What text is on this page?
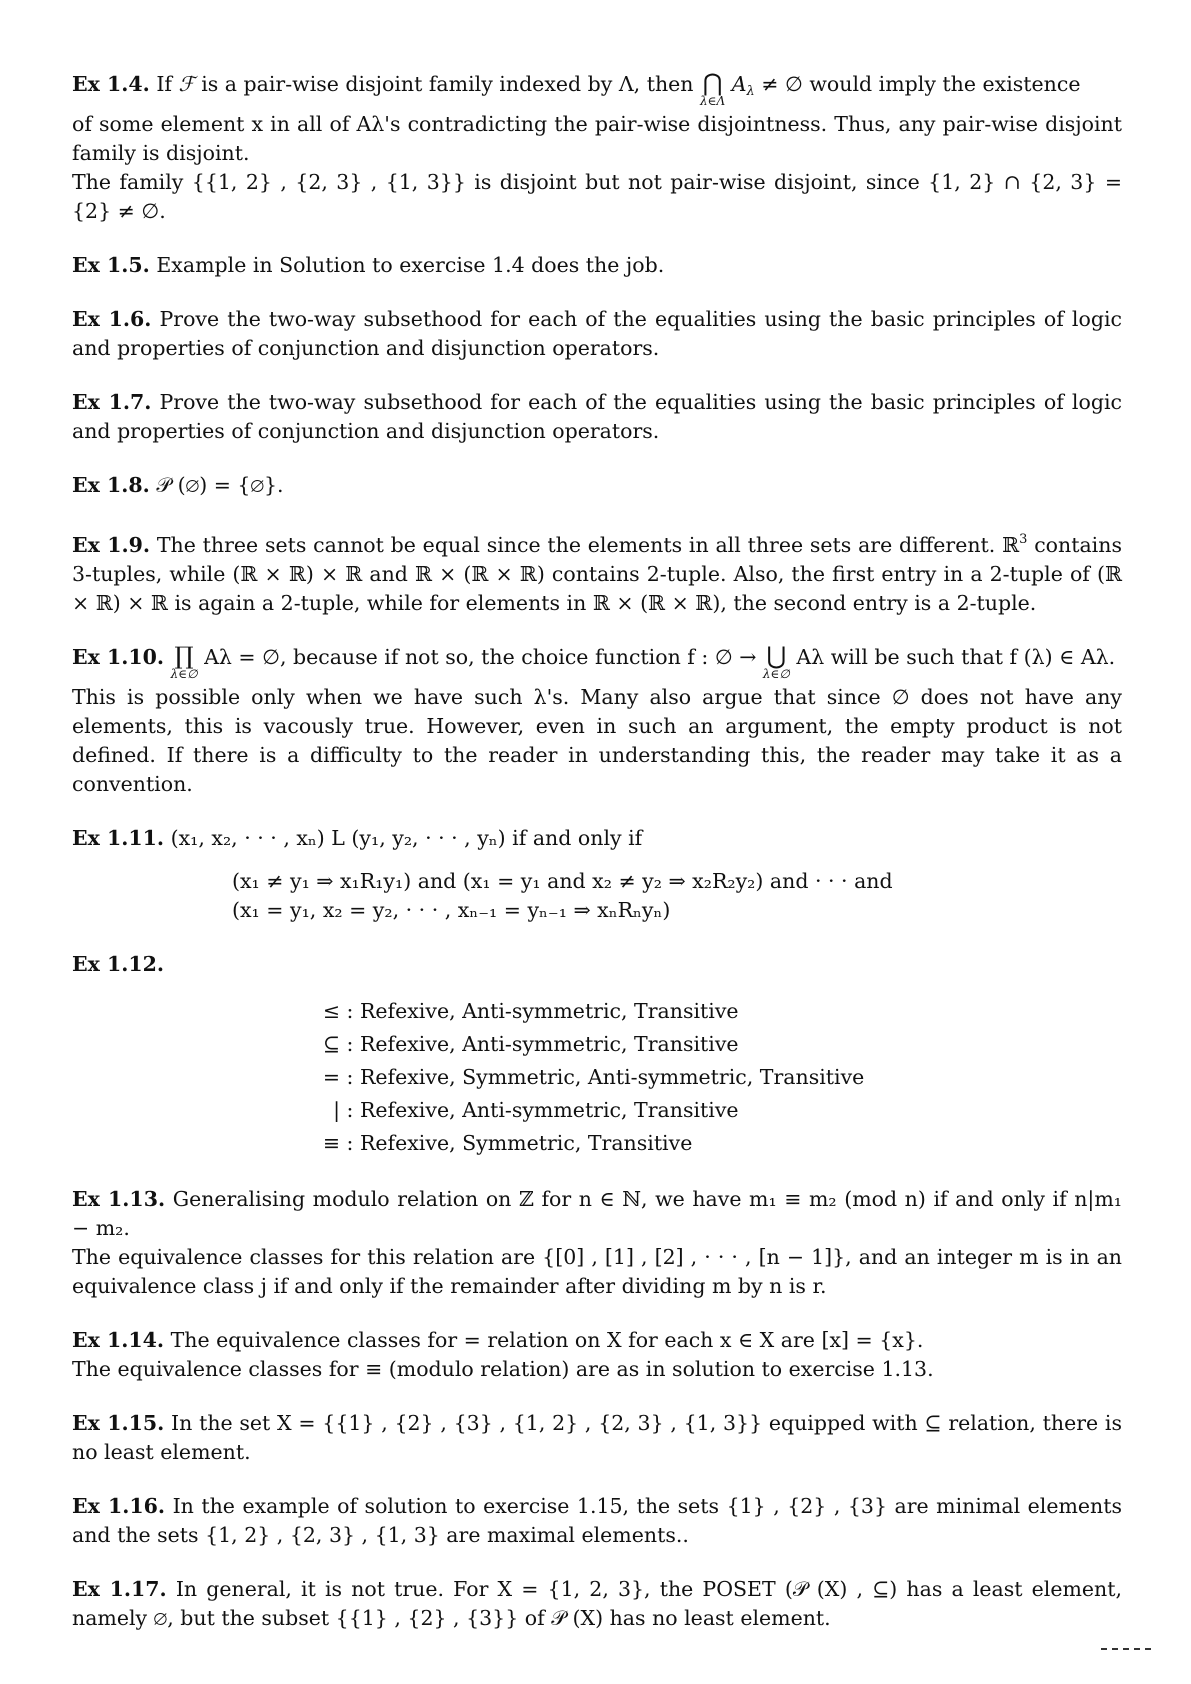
Ex 1.4. If ℱ is a pair-wise disjoint family indexed by Λ, then ⋂
λ∈Λ
$A_\lambda$ ≠ ∅ would imply the existence

of some element x in all of Aλ's contradicting the pair-wise disjointness. Thus, any pair-wise disjoint family is disjoint.

The family {{1, 2} , {2, 3} , {1, 3}} is disjoint but not pair-wise disjoint, since {1, 2} ∩ {2, 3} = {2} ≠ ∅.

Ex 1.5. Example in Solution to exercise 1.4 does the job.

Ex 1.6. Prove the two-way subsethood for each of the equalities using the basic principles of logic and properties of conjunction and disjunction operators.

Ex 1.7. Prove the two-way subsethood for each of the equalities using the basic principles of logic and properties of conjunction and disjunction operators.

Ex 1.8. 𝒫 (∅) = {∅}.

Ex 1.9. The three sets cannot be equal since the elements in all three sets are different. ℝ$^3$ contains 3-tuples, while (ℝ × ℝ) × ℝ and ℝ × (ℝ × ℝ) contains 2-tuple. Also, the first entry in a 2-tuple of (ℝ × ℝ) × ℝ is again a 2-tuple, while for elements in ℝ × (ℝ × ℝ), the second entry is a 2-tuple.

Ex 1.10. ∏
λ∈∅
Aλ = ∅, because if not so, the choice function f : ∅ → ⋃
λ∈∅
Aλ will be such that f (λ) ∈ Aλ.

This is possible only when we have such λ's. Many also argue that since ∅ does not have any elements, this is vacously true. However, even in such an argument, the empty product is not defined. If there is a difficulty to the reader in understanding this, the reader may take it as a convention.

Ex 1.11. (x₁, x₂, · · · , xₙ) L (y₁, y₂, · · · , yₙ) if and only if

(x₁ ≠ y₁ ⇒ x₁R₁y₁) and (x₁ = y₁ and x₂ ≠ y₂ ⇒ x₂R₂y₂) and · · · and
(x₁ = y₁, x₂ = y₂, · · · , xₙ₋₁ = yₙ₋₁ ⇒ xₙRₙyₙ)

Ex 1.12.

≤ : Refexive, Anti-symmetric, Transitive
⊆ : Refexive, Anti-symmetric, Transitive
= : Refexive, Symmetric, Anti-symmetric, Transitive
| : Refexive, Anti-symmetric, Transitive
≡ : Refexive, Symmetric, Transitive

Ex 1.13. Generalising modulo relation on ℤ for n ∈ ℕ, we have m₁ ≡ m₂ (mod n) if and only if n|m₁ − m₂.

The equivalence classes for this relation are {[0] , [1] , [2] , · · · , [n − 1]}, and an integer m is in an equivalence class j if and only if the remainder after dividing m by n is r.

Ex 1.14. The equivalence classes for = relation on X for each x ∈ X are [x] = {x}.

The equivalence classes for ≡ (modulo relation) are as in solution to exercise 1.13.

Ex 1.15. In the set X = {{1} , {2} , {3} , {1, 2} , {2, 3} , {1, 3}} equipped with ⊆ relation, there is no least element.

Ex 1.16. In the example of solution to exercise 1.15, the sets {1} , {2} , {3} are minimal elements and the sets {1, 2} , {2, 3} , {1, 3} are maximal elements..

Ex 1.17. In general, it is not true. For X = {1, 2, 3}, the POSET (𝒫 (X) , ⊆) has a least element, namely ∅, but the subset {{1} , {2} , {3}} of 𝒫 (X) has no least element.
